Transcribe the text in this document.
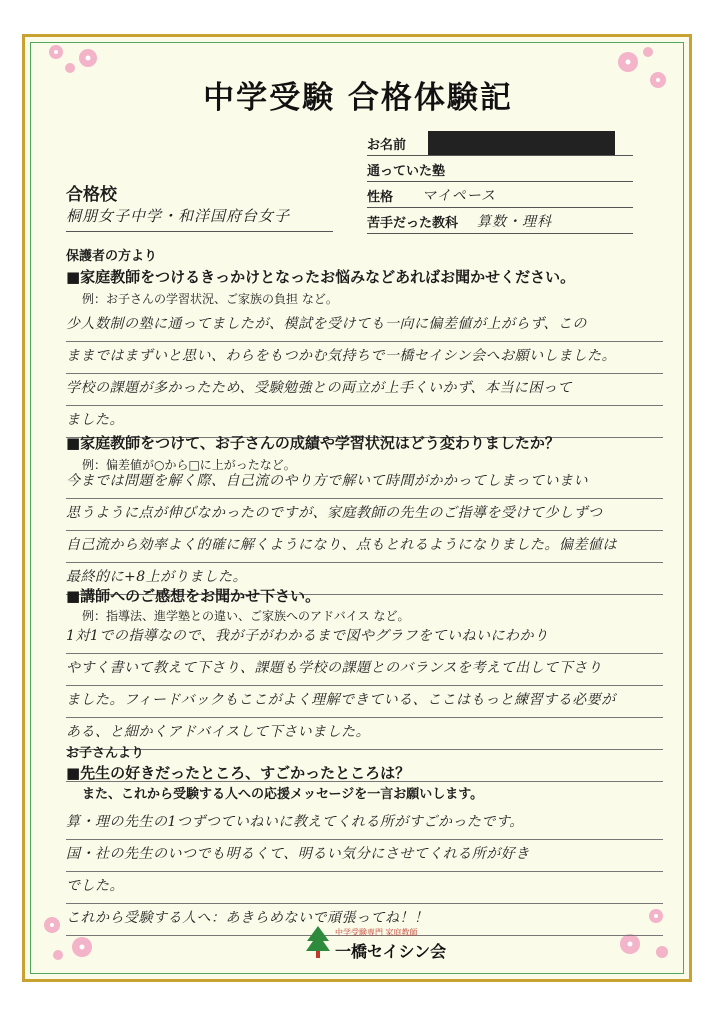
中学受験 合格体験記
お名前
通っていた塾
性格 マイペース
苦手だった教科 算数・理科
合格校
桐朋女子中学・和洋国府台女子
保護者の方より
■家庭教師をつけるきっかけとなったお悩みなどあればお聞かせください。
例：お子さんの学習状況、ご家族の負担 など。
少人数制の塾に通ってましたが、模試を受けても一向に偏差値が上がらず、この
ままではまずいと思い、わらをもつかむ気持ちで一橋セイシン会へお願いしました。
学校の課題が多かったため、受験勉強との両立が上手くいかず、本当に困って
ました。
■家庭教師をつけて、お子さんの成績や学習状況はどう変わりましたか？
例：偏差値が○から□に上がったなど。
今までは問題を解く際、自己流のやり方で解いて時間がかかってしまっていまい
思うように点が伸びなかったのですが、家庭教師の先生のご指導を受けて少しずつ
自己流から効率よく的確に解くようになり、点もとれるようになりました。偏差値は
最終的に+8上がりました。
■講師へのご感想をお聞かせ下さい。
例：指導法、進学塾との違い、ご家族へのアドバイス など。
1対1での指導なので、我が子がわかるまで図やグラフをていねいにわかり
やすく書いて教えて下さり、課題も学校の課題とのバランスを考えて出して下さり
ました。フィードバックもここがよく理解できている、ここはもっと練習する必要が
ある、と細かくアドバイスして下さいました。
お子さんより
■先生の好きだったところ、すごかったところは？
また、これから受験する人への応援メッセージを一言お願いします。
算・理の先生の1つずつていねいに教えてくれる所がすごかったです。
国・社の先生のいつでも明るくて、明るい気分にさせてくれる所が好き
でした。
これから受験する人へ：あきらめないで頑張ってね！！
中学受験専門 家庭教師
一橋セイシン会
